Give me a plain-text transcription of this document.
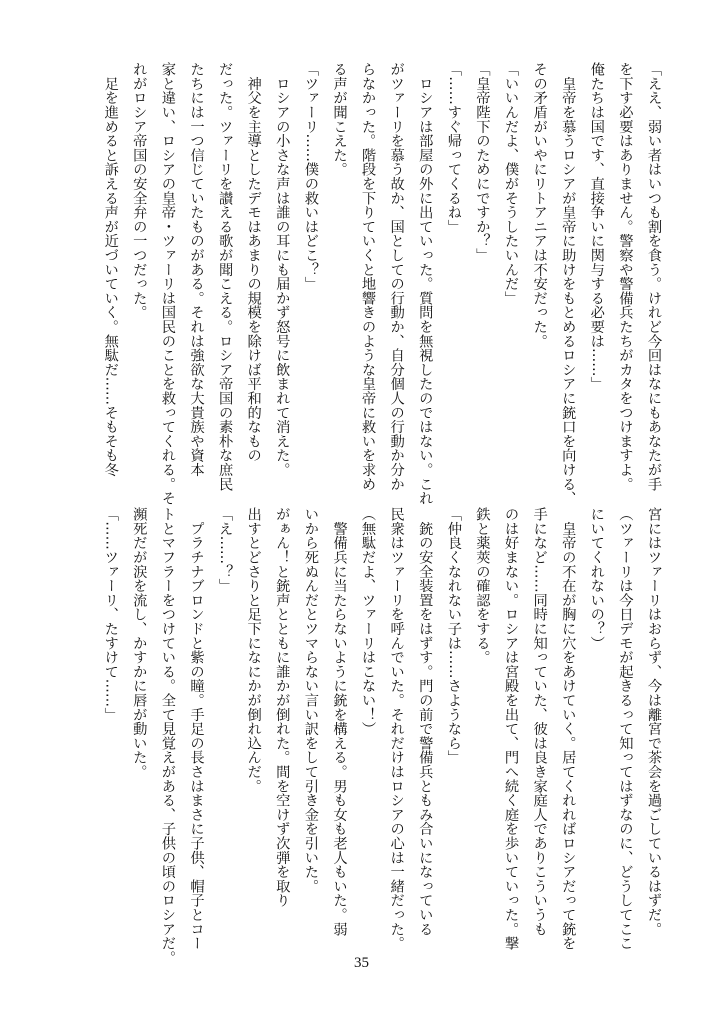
「ええ、弱い者はいつも割を食う。けれど今回はなにもあなたが手
を下す必要はありません。警察や警備兵たちがカタをつけますよ。
俺たちは国です、直接争いに関与する必要は……」
　皇帝を慕うロシアが皇帝に助けをもとめるロシアに銃口を向ける、
その矛盾がいやにリトアニアは不安だった。
「いいんだよ、僕がそうしたいんだ」
「皇帝陛下のためにですか？」
「……すぐ帰ってくるね」
　ロシアは部屋の外に出ていった。質問を無視したのではない。これ
がツァーリを慕う故か、国としての行動か、自分個人の行動か分か
らなかった。階段を下りていくと地響きのような皇帝に救いを求め
る声が聞こえた。
「ツァーリ……僕の救いはどこ？」
　ロシアの小さな声は誰の耳にも届かず怒号に飲まれて消えた。
　神父を主導としたデモはあまりの規模を除けば平和的なもの
だった。ツァーリを讃える歌が聞こえる。ロシア帝国の素朴な庶民
たちには一つ信じていたものがある。それは強欲な大貴族や資本
家と違い、ロシアの皇帝・ツァーリは国民のことを救ってくれる。そ
れがロシア帝国の安全弁の一つだった。
　足を進めると訴える声が近づいていく。無駄だ……そもそも冬
宮にはツァーリはおらず、今は離宮で茶会を過ごしているはずだ。
（ツァーリは今日デモが起きるって知ってはずなのに、どうしてここ
にいてくれないの？）
　皇帝の不在が胸に穴をあけていく。居てくれればロシアだって銃を
手になど……同時に知っていた、彼は良き家庭人でありこういうも
のは好まない。ロシアは宮殿を出て、門へ続く庭を歩いていった。撃
鉄と薬莢の確認をする。
「仲良くなれない子は……さようなら」
　銃の安全装置をはずす。門の前で警備兵ともみ合いになっている
民衆はツァーリを呼んでいた。それだけはロシアの心は一緒だった。
（無駄だよ、ツァーリはこない！）
　警備兵に当たらないように銃を構える。男も女も老人もいた。弱
いから死ぬんだとツマらない言い訳をして引き金を引いた。
がぁん！と銃声とともに誰かが倒れた。間を空けず次弾を取り
出すとどさりと足下になにかが倒れ込んだ。
「え……？」
　プラチナブロンドと紫の瞳。手足の長さはまさに子供、帽子とコー
トとマフラーをつけている。全て見覚えがある、子供の頃のロシアだ。
瀕死だが涙を流し、かすかに唇が動いた。
「……ツァーリ、たすけて……」
35
